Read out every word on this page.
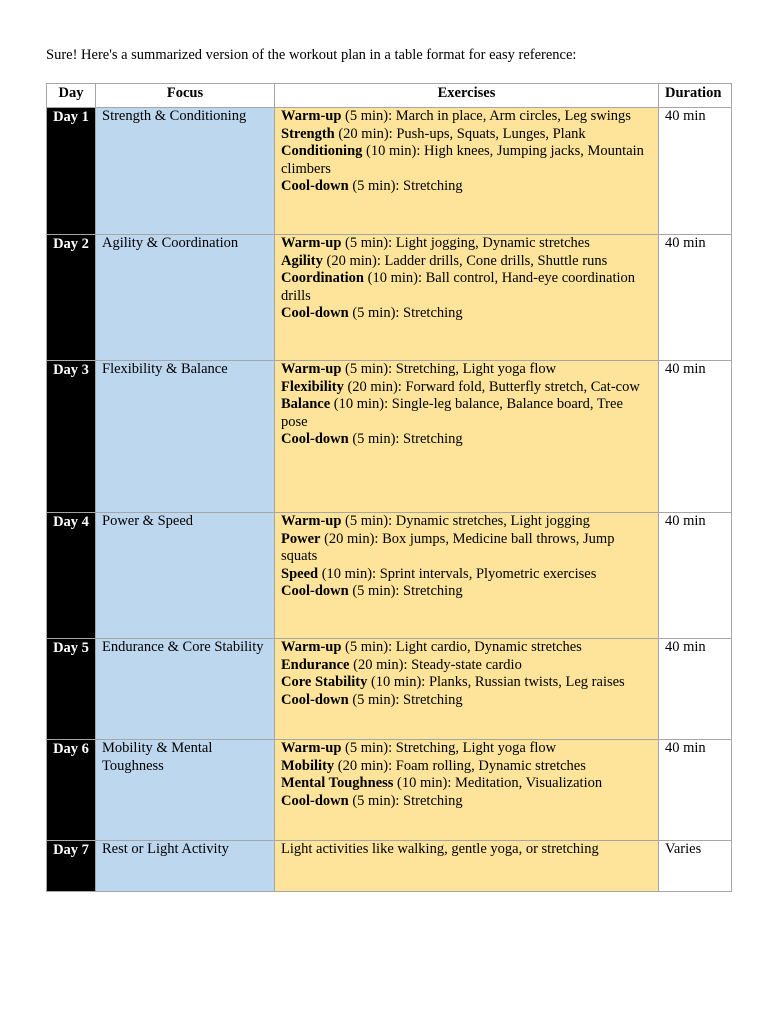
Sure! Here's a summarized version of the workout plan in a table format for easy reference:
Day	Focus	Exercises	Duration
Day 1	Strength & Conditioning	Warm-up (5 min): March in place, Arm circles, Leg swings
Strength (20 min): Push-ups, Squats, Lunges, Plank
Conditioning (10 min): High knees, Jumping jacks, Mountain climbers
Cool-down (5 min): Stretching	40 min
Day 2	Agility & Coordination	Warm-up (5 min): Light jogging, Dynamic stretches
Agility (20 min): Ladder drills, Cone drills, Shuttle runs
Coordination (10 min): Ball control, Hand-eye coordination drills
Cool-down (5 min): Stretching	40 min
Day 3	Flexibility & Balance	Warm-up (5 min): Stretching, Light yoga flow
Flexibility (20 min): Forward fold, Butterfly stretch, Cat-cow
Balance (10 min): Single-leg balance, Balance board, Tree pose
Cool-down (5 min): Stretching	40 min
Day 4	Power & Speed	Warm-up (5 min): Dynamic stretches, Light jogging
Power (20 min): Box jumps, Medicine ball throws, Jump squats
Speed (10 min): Sprint intervals, Plyometric exercises
Cool-down (5 min): Stretching	40 min
Day 5	Endurance & Core Stability	Warm-up (5 min): Light cardio, Dynamic stretches
Endurance (20 min): Steady-state cardio
Core Stability (10 min): Planks, Russian twists, Leg raises
Cool-down (5 min): Stretching	40 min
Day 6	Mobility & Mental Toughness	Warm-up (5 min): Stretching, Light yoga flow
Mobility (20 min): Foam rolling, Dynamic stretches
Mental Toughness (10 min): Meditation, Visualization
Cool-down (5 min): Stretching	40 min
Day 7	Rest or Light Activity	Light activities like walking, gentle yoga, or stretching	Varies
